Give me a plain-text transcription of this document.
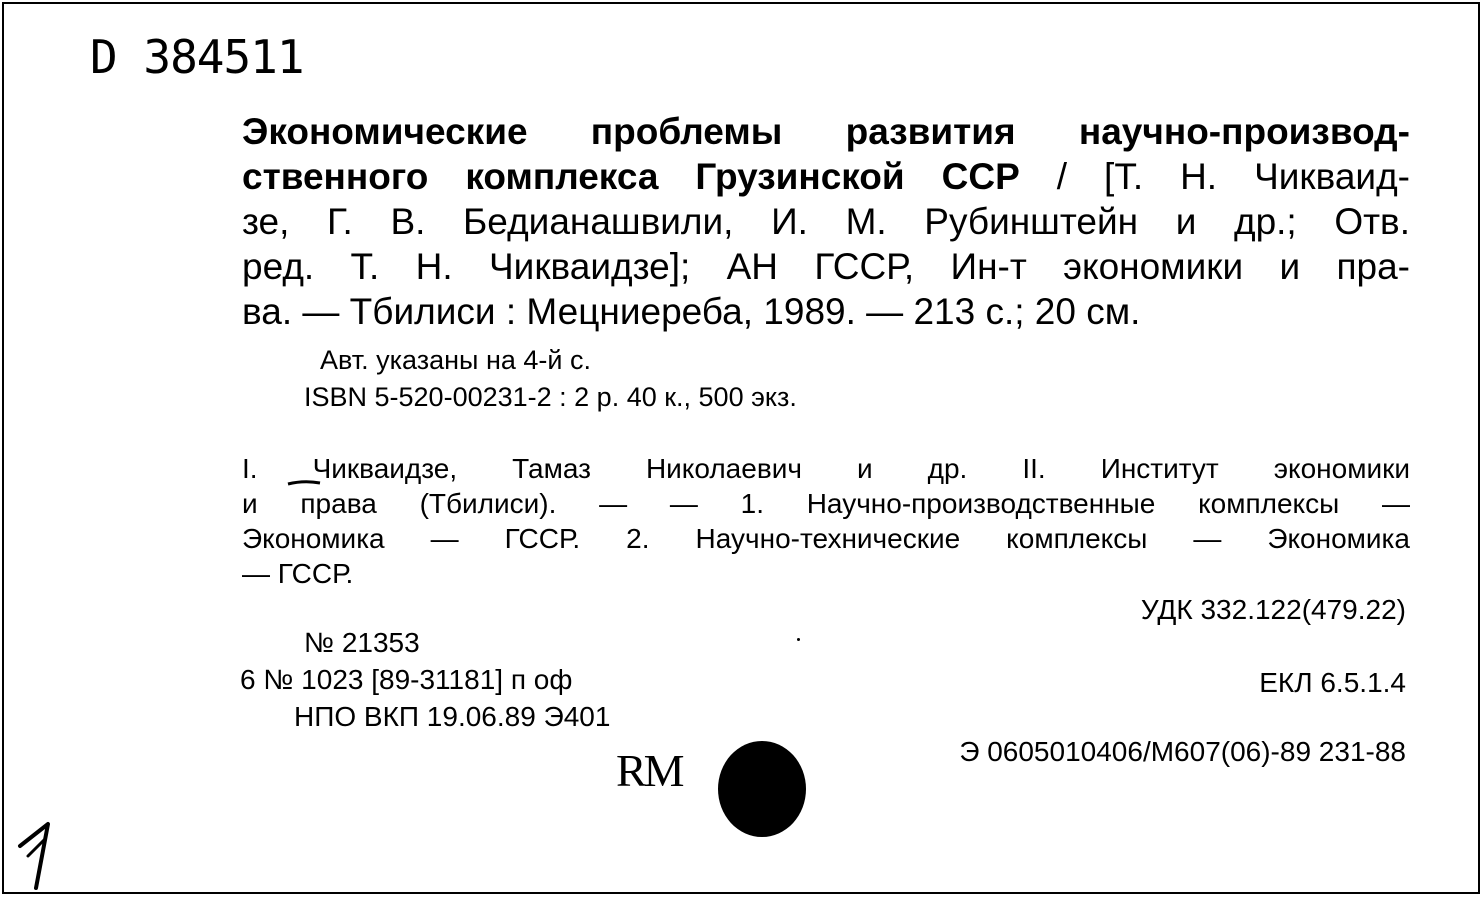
D 384511
Экономические проблемы развития научно-производ-
ственного комплекса Грузинской ССР / [Т. Н. Чикваид-
зе, Г. В. Бедианашвили, И. М. Рубинштейн и др.; Отв.
ред. Т. Н. Чикваидзе]; АН ГССР, Ин-т экономики и пра-
ва. — Тбилиси : Мецниереба, 1989. — 213 с.; 20 см.
Авт. указаны на 4-й с.
ISBN 5-520-00231-2 : 2 р. 40 к., 500 экз.
I. Чикваидзе, Тамаз Николаевич и др. II. Институт экономики
и права (Тбилиси). — — 1. Научно-производственные комплексы —
Экономика — ГССР. 2. Научно-технические комплексы — Экономика
— ГССР.
УДК 332.122(479.22)
№ 21353
6 № 1023 [89-31181] п оф
НПО ВКП 19.06.89 Э401
ЕКЛ 6.5.1.4
Э 0605010406/М607(06)-89 231-88
RM
